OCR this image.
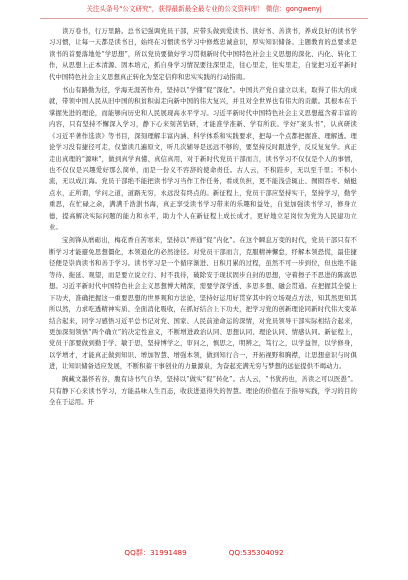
关注头条号"公文研究"，获得最新最全最专业的公文资料库！ 微信：gongwenyj

读万卷书，行万里路。总书记强调党员干部，应带头做到爱读书、读好书、善读书，养成良好的读书学习习惯，让每一天都是读书日，始终在习惯读书学习中修炼忠诚意识，厚实知识储备。主题教育的总要求是读书的首要落地处“学思想”，所以党员要做好学习贯彻新时代中国特色社会主义思想的深化、内化、转化工作，从思想上正本清源、固本培元，抓自身学习情况要往深里走，往心里走，往实里走，自觉把习近平新时代中国特色社会主义思想真正转化为坚定信仰和忠实实践的行动指南。

书山有路勤为径，学海无涯苦作舟，坚持以“学懂”促“深化”。中国共产党自建立以来，取得了伟大的成就，带领中国人民从旧中国的积贫积弱走向新中国的伟大复兴，并且对全世界也有伟大的贡献。其根本在于掌握先进的理论，而能够向历史和人民展现高水平学习。习近平新时代中国特色社会主义思想蕴含着丰富的内容，只有坚持不懈深入学习，静下心来刻苦钻研，才能准学准新、学有所获。学好“案头书”，认真研读《习近平著作选读》等书目，深刻理解丰富内涵、科学体系和实践要求，把每一个点都把握准、理解透。理论学习没有捷径可走，仅靠读几遍原文，听几次辅导是远远不够的，要坚持反时跟进学，反反复复学。真正走出真理的“源味”，做到真学真懂、真信真用，对于新时代党员干部而言，读书学习不仅仅是个人的事情，也不仅仅是兴趣爱好那么简单，而是一份义不容辞的使命责任。古人云，不积跬步，无以至千里；不积小流，无以成江海。党员干部绝不能把读书学习当作工作任务，看成负担，更不能浅尝辄止、囫囵吞枣、蜻蜓点水，正所谓，学问之道，道路无穷，永远没有终点的。新征程上，党员干部应坚持实干，坚持学习，勤学重思，在忙碌之余，满满千浩澍书海，真正享受读书学习带来的乐趣和益处，自觉加强读书学习，修身立德，提高解决实际问题的能力和水平，助力个人在新征程上成长成才，更好地立足岗位为党为人民建功立业。

宝剑锋从磨砺出，梅花香自苦寒来，坚持以“弄通”促“内化”。在这个瞬息万变的时代，党员干部只有不断学习才能避免思想僵化，本领退化的必然途径。对党员干部而言，克服精神懈怠，纾解本领恐慌，最佳捷径便是崇尚读书和善于学习。读书学习是一个循序渐进、日积月累的过程，虽然不可一步到位，但也绝不能等待、拖延、观望，而是要立说立行、时不我待，破除安于现状固步自封的思想，守着擦子不思进的陈腐思想。习近平新时代中国特色社会主义思想博大精深，需要学深学透、多思多想、融会贯通。在把握其全貌上下功夫，准确把握这一重要思想的世界观和方法论，坚持好运用好贯穿其中的立场观点方法，知其然更知其所以然，力求吃透精神实质、全面消化吸收，在抓好结合上下功夫，把学习党的创新理论同新时代伟大变革结合起来，同学习感悟习近平总书记对党、国家、人民前途命运的深情，对党员领导干部实际相结合起来，更加深刻领悟“两个确立”的决定性意义，不断增进政治认同、思想认同、理论认同、情感认同。新征程上，党员干部要做到勤于学、敏于思，坚持博学之，审问之，慎思之，明辨之，笃行之，以学益智，以学修身，以学增才，才能真正做到知识、增加智慧、增强本领，做到知行合一，开拓视野和胸襟，让思想意识与时俱进，让知识储备适应发展，不断积蓄干事创业的力量源泉，为奋起充满无穷与梦想的远征提供不竭动力。

胸藏文墨怀若谷，腹有诗书气自华，坚持以“做实”促“转化”。古人云，“书犹药也，善读之可以医愚”。只有静下心来读书学习，方能品味人生百态，收获进退得失的智慧。理论的价值在于指导实践，学习的目的全在于运用。开

QQ群：31991489	QQ:535304092
